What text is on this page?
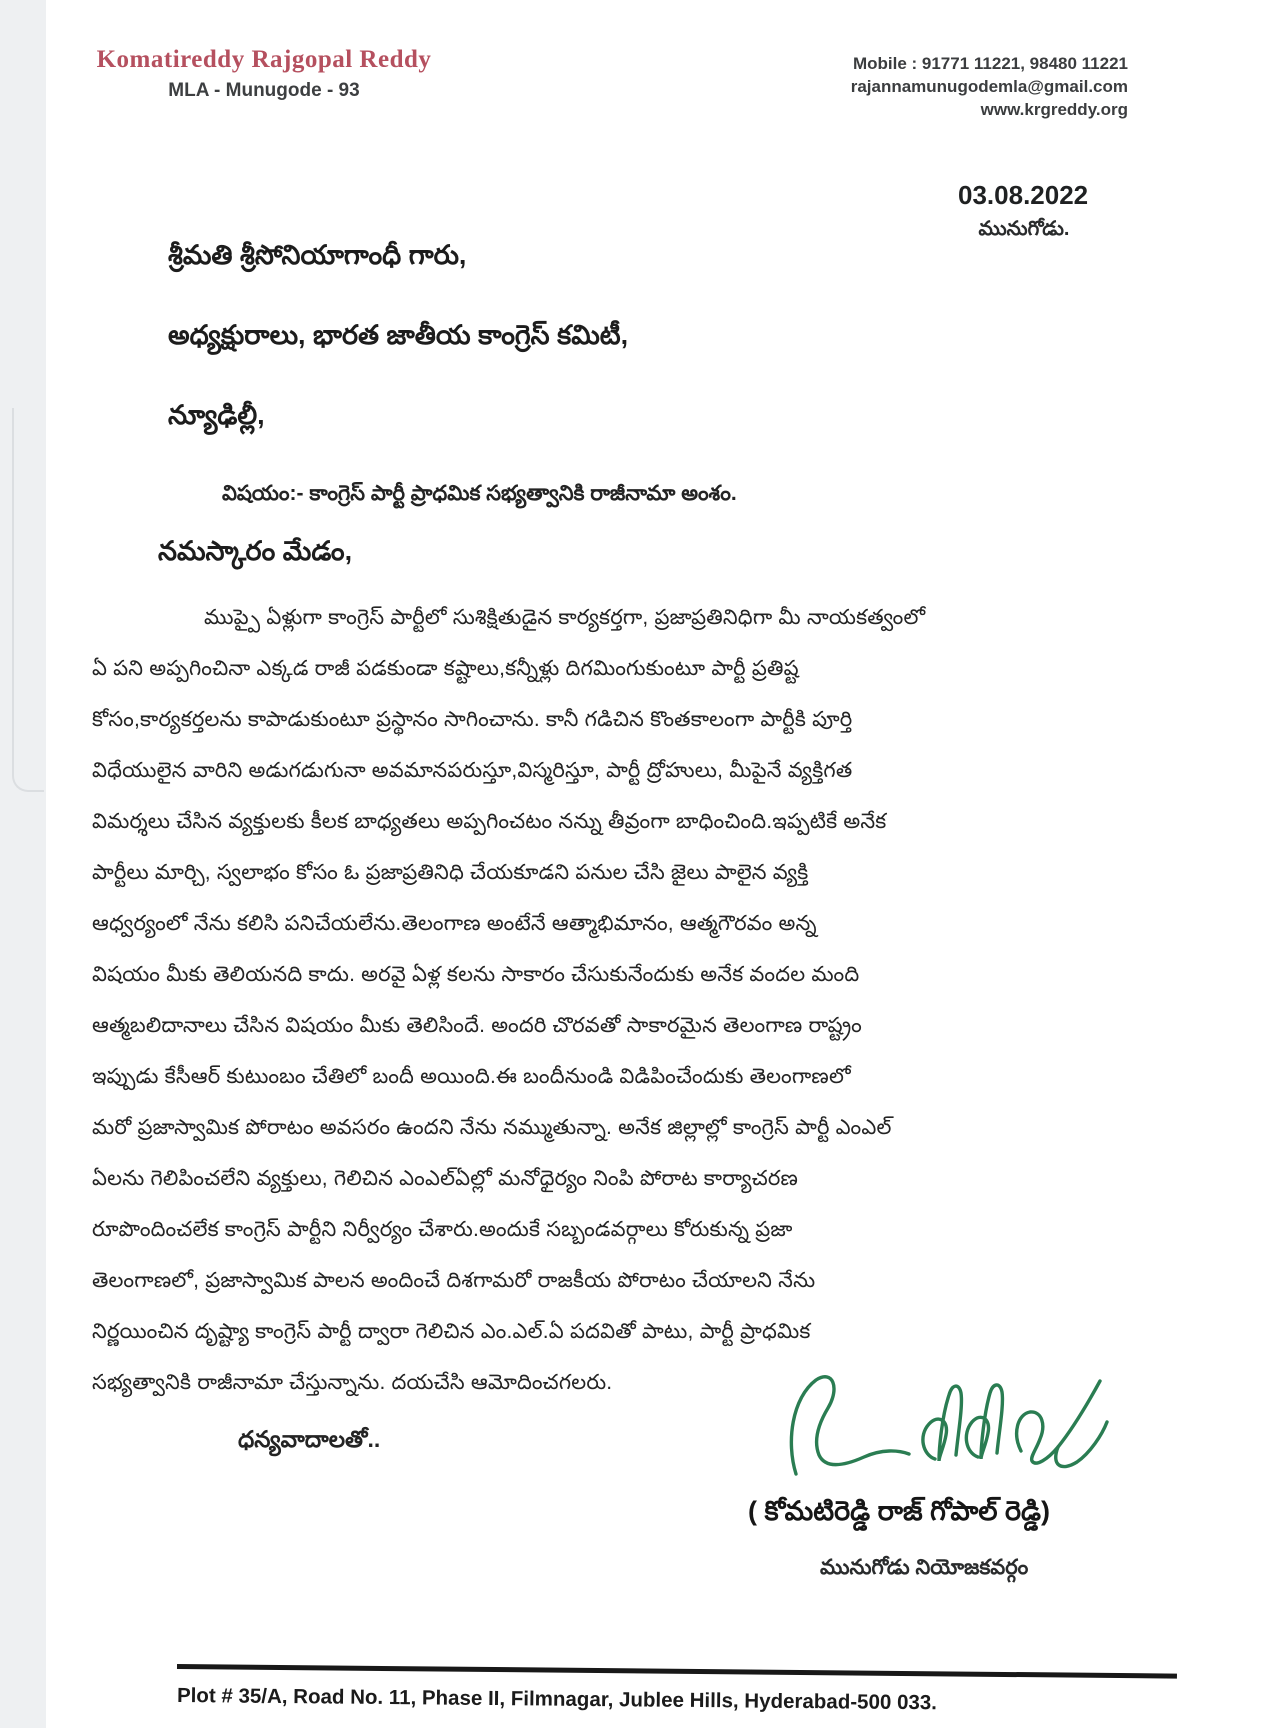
Komatireddy Rajgopal Reddy
MLA - Munugode - 93
Mobile : 91771 11221, 98480 11221
rajannamunugodemla@gmail.com
www.krgreddy.org
03.08.2022
మునుగోడు.
శ్రీమతి శ్రీసోనియాగాంధీ గారు,
అధ్యక్షురాలు, భారత జాతీయ కాంగ్రెస్ కమిటీ,
న్యూఢిల్లీ,
విషయం:- కాంగ్రెస్ పార్టీ ప్రాధమిక సభ్యత్వానికి రాజీనామా అంశం.
నమస్కారం మేడం,
ముప్పై ఏళ్లుగా కాంగ్రెస్ పార్టీలో సుశిక్షితుడైన కార్యకర్తగా, ప్రజాప్రతినిధిగా మీ నాయకత్వంలో
ఏ పని అప్పగించినా ఎక్కడ రాజీ పడకుండా కష్టాలు,కన్నీళ్లు దిగమింగుకుంటూ పార్టీ ప్రతిష్ట
కోసం,కార్యకర్తలను కాపాడుకుంటూ ప్రస్థానం సాగించాను. కానీ గడిచిన కొంతకాలంగా పార్టీకి పూర్తి
విధేయులైన వారిని అడుగడుగునా అవమానపరుస్తూ,విస్మరిస్తూ, పార్టీ ద్రోహులు, మీపైనే వ్యక్తిగత
విమర్శలు చేసిన వ్యక్తులకు కీలక బాధ్యతలు అప్పగించటం నన్ను తీవ్రంగా బాధించింది.ఇప్పటికే అనేక
పార్టీలు మార్చి, స్వలాభం కోసం ఓ ప్రజాప్రతినిధి చేయకూడని పనుల చేసి జైలు పాలైన వ్యక్తి
ఆధ్వర్యంలో నేను కలిసి పనిచేయలేను.తెలంగాణ అంటేనే ఆత్మాభిమానం, ఆత్మగౌరవం అన్న
విషయం మీకు తెలియనది కాదు. అరవై ఏళ్ల కలను సాకారం చేసుకునేందుకు అనేక వందల మంది
ఆత్మబలిదానాలు చేసిన విషయం మీకు తెలిసిందే. అందరి చొరవతో సాకారమైన తెలంగాణ రాష్ట్రం
ఇప్పుడు కేసీఆర్ కుటుంబం చేతిలో బందీ అయింది.ఈ బందీనుండి విడిపించేందుకు తెలంగాణలో
మరో ప్రజాస్వామిక పోరాటం అవసరం ఉందని నేను నమ్ముతున్నా. అనేక జిల్లాల్లో కాంగ్రెస్ పార్టీ ఎంఎల్
ఏలను గెలిపించలేని వ్యక్తులు, గెలిచిన ఎంఎల్ఏల్లో మనోధైర్యం నింపి పోరాట కార్యాచరణ
రూపొందించలేక కాంగ్రెస్ పార్టీని నిర్వీర్యం చేశారు.అందుకే సబ్బండవర్గాలు కోరుకున్న ప్రజా
తెలంగాణలో, ప్రజాస్వామిక పాలన అందించే దిశగామరో రాజకీయ పోరాటం చేయాలని నేను
నిర్ణయించిన దృష్ట్యా కాంగ్రెస్ పార్టీ ద్వారా గెలిచిన ఎం.ఎల్.ఏ పదవితో పాటు, పార్టీ ప్రాధమిక
సభ్యత్వానికి రాజీనామా చేస్తున్నాను. దయచేసి ఆమోదించగలరు.
ధన్యవాదాలతో..
( కోమటిరెడ్డి రాజ్ గోపాల్ రెడ్డి)
మునుగోడు నియోజకవర్గం
Plot # 35/A, Road No. 11, Phase II, Filmnagar, Jublee Hills, Hyderabad-500 033.
